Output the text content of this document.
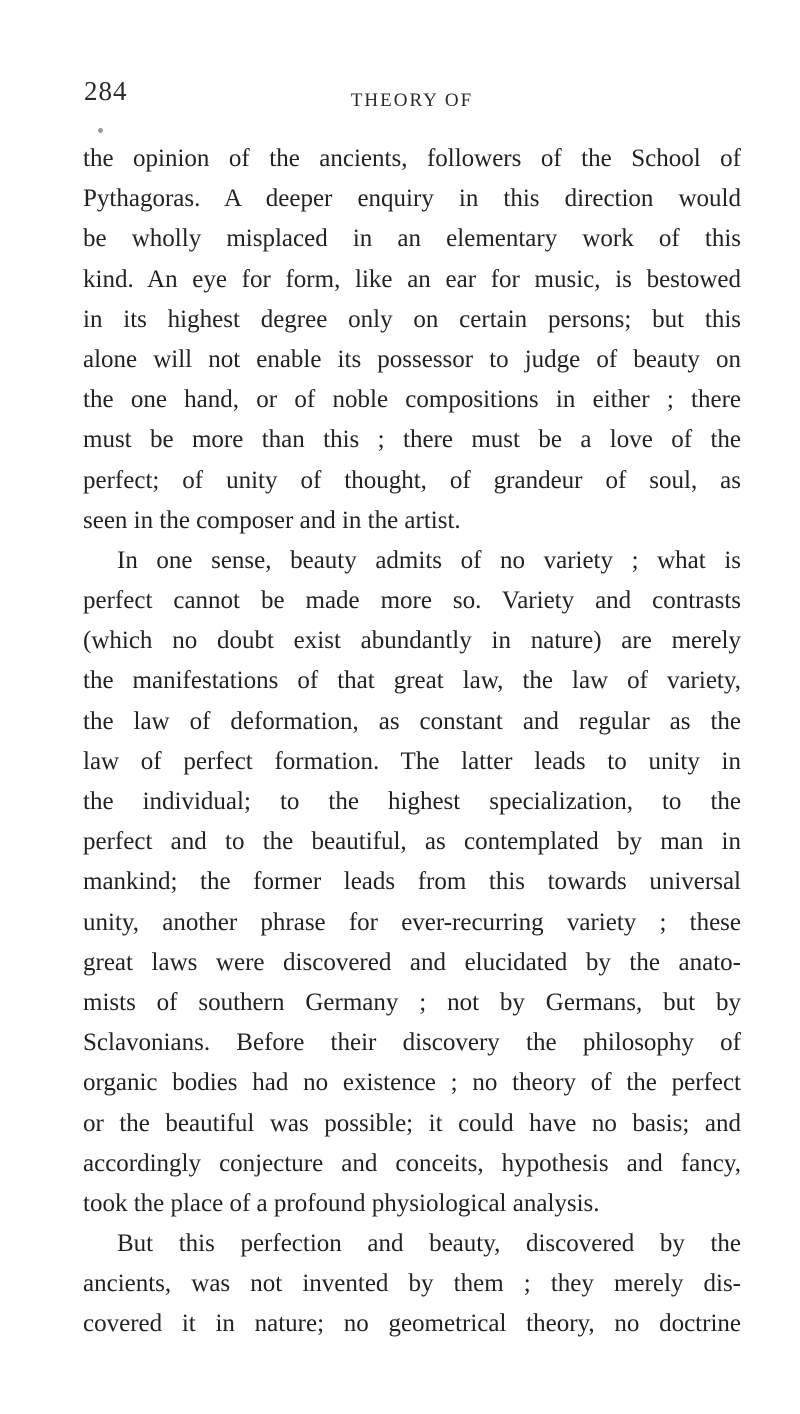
284	THEORY OF
the opinion of the ancients, followers of the School of
Pythagoras. A deeper enquiry in this direction would
be wholly misplaced in an elementary work of this
kind. An eye for form, like an ear for music, is bestowed
in its highest degree only on certain persons; but this
alone will not enable its possessor to judge of beauty on
the one hand, or of noble compositions in either ; there
must be more than this ; there must be a love of the
perfect; of unity of thought, of grandeur of soul, as
seen in the composer and in the artist.
In one sense, beauty admits of no variety ; what is
perfect cannot be made more so. Variety and contrasts
(which no doubt exist abundantly in nature) are merely
the manifestations of that great law, the law of variety,
the law of deformation, as constant and regular as the
law of perfect formation. The latter leads to unity in
the individual; to the highest specialization, to the
perfect and to the beautiful, as contemplated by man in
mankind; the former leads from this towards universal
unity, another phrase for ever-recurring variety ; these
great laws were discovered and elucidated by the anato-
mists of southern Germany ; not by Germans, but by
Sclavonians. Before their discovery the philosophy of
organic bodies had no existence ; no theory of the perfect
or the beautiful was possible; it could have no basis; and
accordingly conjecture and conceits, hypothesis and fancy,
took the place of a profound physiological analysis.
But this perfection and beauty, discovered by the
ancients, was not invented by them ; they merely dis-
covered it in nature; no geometrical theory, no doctrine
